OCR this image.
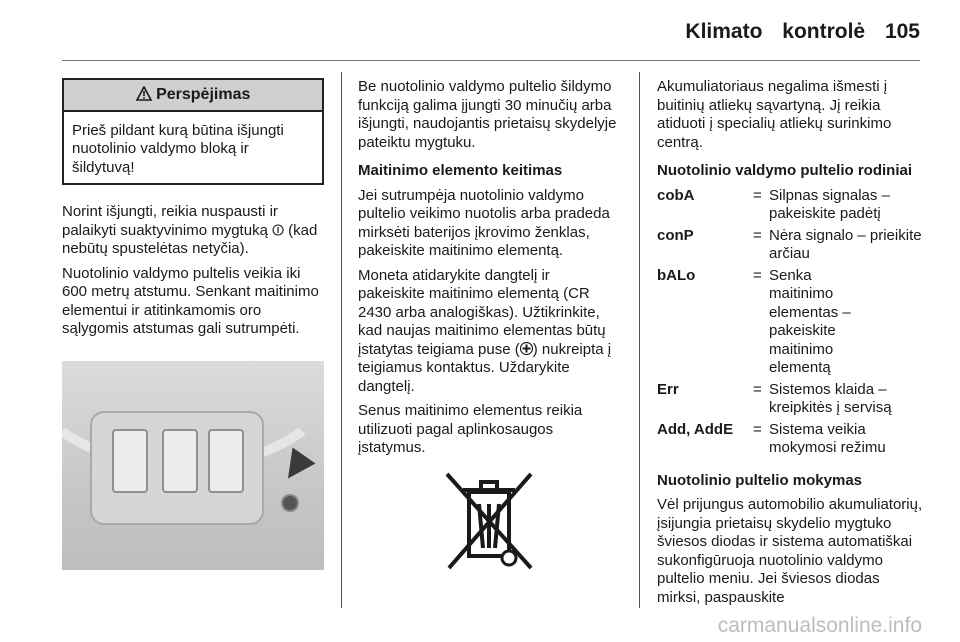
Klimato kontrolė 105
Perspėjimas
Prieš pildant kurą būtina išjungti nuotolinio valdymo bloką ir šildytuvą!

Norint išjungti, reikia nuspausti ir palaikyti suaktyvinimo mygtuką ⏼ (kad nebūtų spustelėtas netyčia).

Nuotolinio valdymo pultelis veikia iki 600 metrų atstumu. Senkant maitinimo elementui ir atitinkamomis oro sąlygomis atstumas gali sutrumpėti.

Be nuotolinio valdymo pultelio šildymo funkciją galima įjungti 30 minučių arba išjungti, naudojantis prietaisų skydelyje pateiktu mygtuku.

Maitinimo elemento keitimas

Jei sutrumpėja nuotolinio valdymo pultelio veikimo nuotolis arba pradeda mirksėti baterijos įkrovimo ženklas, pakeiskite maitinimo elementą.

Moneta atidarykite dangtelį ir pakeiskite maitinimo elementą (CR 2430 arba analogiškas). Užtikrinkite, kad naujas maitinimo elementas būtų įstatytas teigiama puse ( ) nukreipta į teigiamus kontaktus. Uždarykite dangtelį.

Senus maitinimo elementus reikia utilizuoti pagal aplinkosaugos įstatymus.

Akumuliatoriaus negalima išmesti į buitinių atliekų sąvartyną. Jį reikia atiduoti į specialių atliekų surinkimo centrą.

Nuotolinio valdymo pultelio rodiniai

cobA	= Silpnas signalas – pakeiskite padėtį
conP	= Nėra signalo – prieikite arčiau
bALo	= Senka maitinimo elementas – pakeiskite maitinimo elementą
Err	= Sistemos klaida – kreipkitės į servisą
Add, AddE	= Sistema veikia mokymosi režimu

Nuotolinio pultelio mokymas

Vėl prijungus automobilio akumuliatorių, įsijungia prietaisų skydelio mygtuko šviesos diodas ir sistema automatiškai sukonfigūruoja nuotolinio valdymo pultelio meniu. Jei šviesos diodas mirksi, paspauskite

carmanualsonline.info
